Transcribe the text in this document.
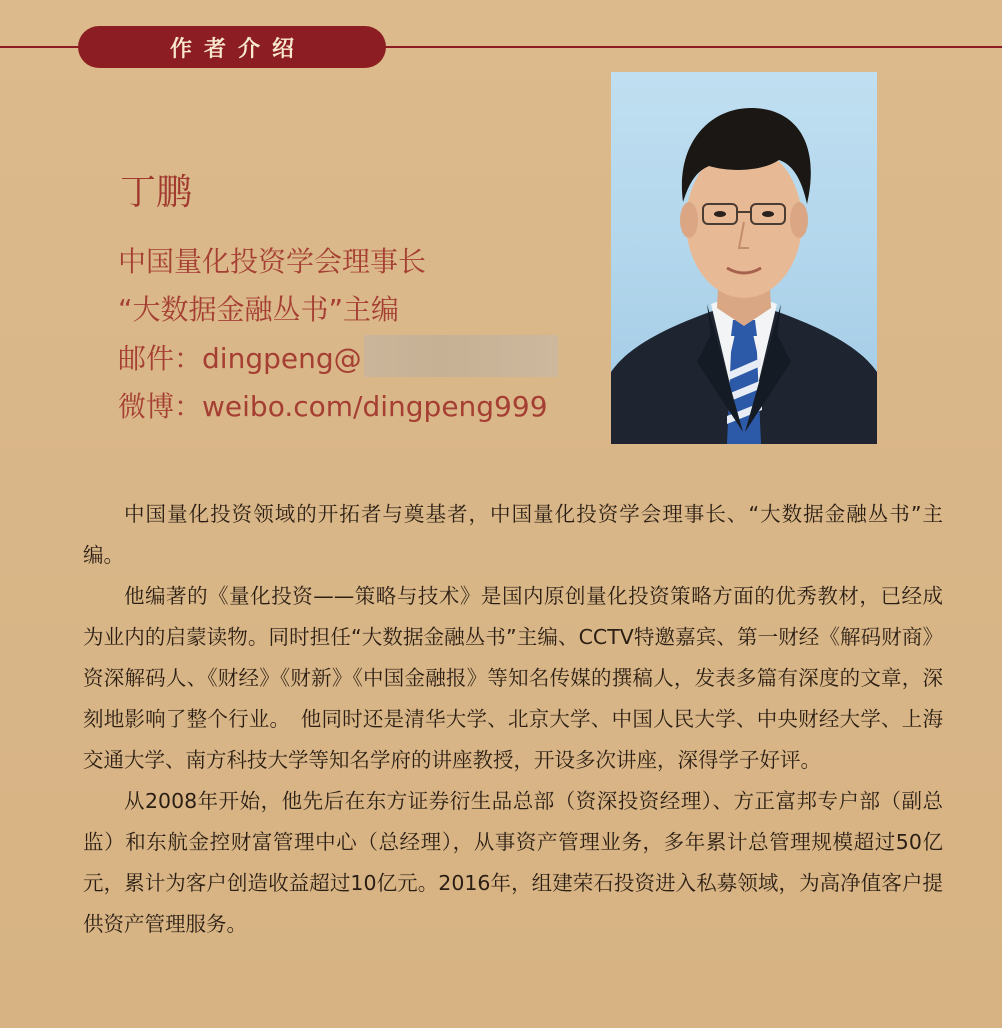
作者介绍
丁鹏
中国量化投资学会理事长
“大数据金融丛书”主编
邮件：dingpeng@
微博：weibo.com/dingpeng999

中国量化投资领域的开拓者与奠基者，中国量化投资学会理事长、“大数据金融丛书”主编。

他编著的《量化投资——策略与技术》是国内原创量化投资策略方面的优秀教材，已经成为业内的启蒙读物。同时担任“大数据金融丛书”主编、CCTV特邀嘉宾、第一财经《解码财商》资深解码人、《财经》《财新》《中国金融报》等知名传媒的撰稿人，发表多篇有深度的文章，深刻地影响了整个行业。　他同时还是清华大学、北京大学、中国人民大学、中央财经大学、上海交通大学、南方科技大学等知名学府的讲座教授，开设多次讲座，深得学子好评。

从2008年开始，他先后在东方证券衍生品总部（资深投资经理）、方正富邦专户部（副总监）和东航金控财富管理中心（总经理），从事资产管理业务，多年累计总管理规模超过50亿元，累计为客户创造收益超过10亿元。2016年，组建荣石投资进入私募领域，为高净值客户提供资产管理服务。
